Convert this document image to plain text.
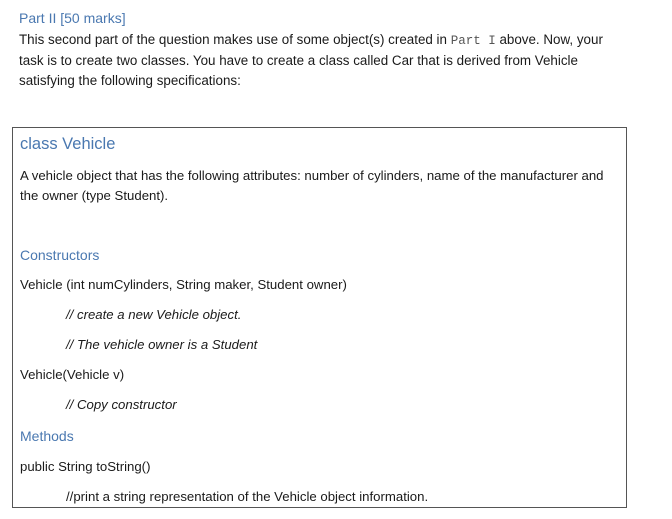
Part II [50 marks]

This second part of the question makes use of some object(s) created in Part I above. Now, your task is to create two classes. You have to create a class called Car that is derived from Vehicle satisfying the following specifications:

class Vehicle

A vehicle object that has the following attributes: number of cylinders, name of the manufacturer and the owner (type Student).

Constructors

Vehicle (int numCylinders, String maker, Student owner)

// create a new Vehicle object.

// The vehicle owner is a Student

Vehicle(Vehicle v)

// Copy constructor

Methods

public String toString()

//print a string representation of the Vehicle object information.
